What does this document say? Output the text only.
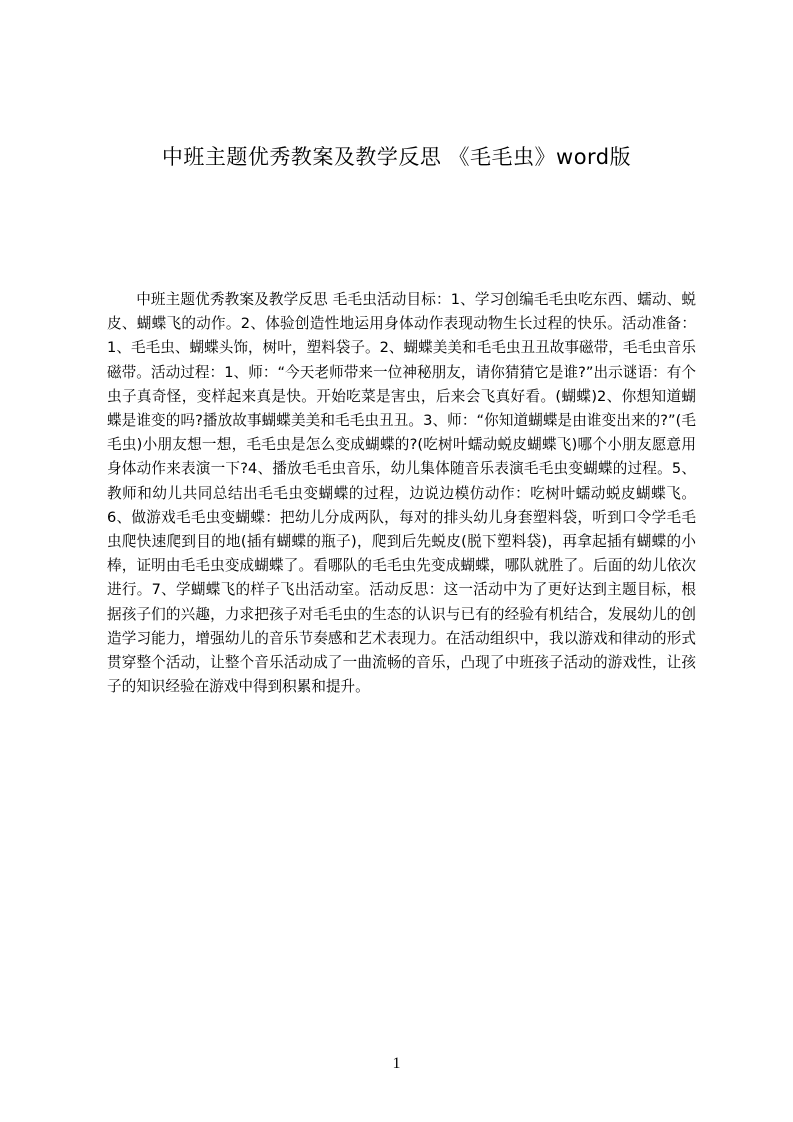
中班主题优秀教案及教学反思 《毛毛虫》word版

中班主题优秀教案及教学反思 毛毛虫活动目标：1、学习创编毛毛虫吃东西、蠕动、蜕皮、蝴蝶飞的动作。2、体验创造性地运用身体动作表现动物生长过程的快乐。活动准备：1、毛毛虫、蝴蝶头饰，树叶，塑料袋子。2、蝴蝶美美和毛毛虫丑丑故事磁带，毛毛虫音乐磁带。活动过程：1、师：“今天老师带来一位神秘朋友，请你猜猜它是谁?”出示谜语：有个虫子真奇怪，变样起来真是快。开始吃菜是害虫，后来会飞真好看。(蝴蝶)2、你想知道蝴蝶是谁变的吗?播放故事蝴蝶美美和毛毛虫丑丑。3、师：“你知道蝴蝶是由谁变出来的?”(毛毛虫)小朋友想一想，毛毛虫是怎么变成蝴蝶的?(吃树叶蠕动蜕皮蝴蝶飞)哪个小朋友愿意用身体动作来表演一下?4、播放毛毛虫音乐，幼儿集体随音乐表演毛毛虫变蝴蝶的过程。5、教师和幼儿共同总结出毛毛虫变蝴蝶的过程，边说边模仿动作：吃树叶蠕动蜕皮蝴蝶飞。6、做游戏毛毛虫变蝴蝶：把幼儿分成两队，每对的排头幼儿身套塑料袋，听到口令学毛毛虫爬快速爬到目的地(插有蝴蝶的瓶子)，爬到后先蜕皮(脱下塑料袋)，再拿起插有蝴蝶的小棒，证明由毛毛虫变成蝴蝶了。看哪队的毛毛虫先变成蝴蝶，哪队就胜了。后面的幼儿依次进行。7、学蝴蝶飞的样子飞出活动室。活动反思：这一活动中为了更好达到主题目标，根据孩子们的兴趣，力求把孩子对毛毛虫的生态的认识与已有的经验有机结合，发展幼儿的创造学习能力，增强幼儿的音乐节奏感和艺术表现力。在活动组织中，我以游戏和律动的形式贯穿整个活动，让整个音乐活动成了一曲流畅的音乐，凸现了中班孩子活动的游戏性，让孩子的知识经验在游戏中得到积累和提升。

1
